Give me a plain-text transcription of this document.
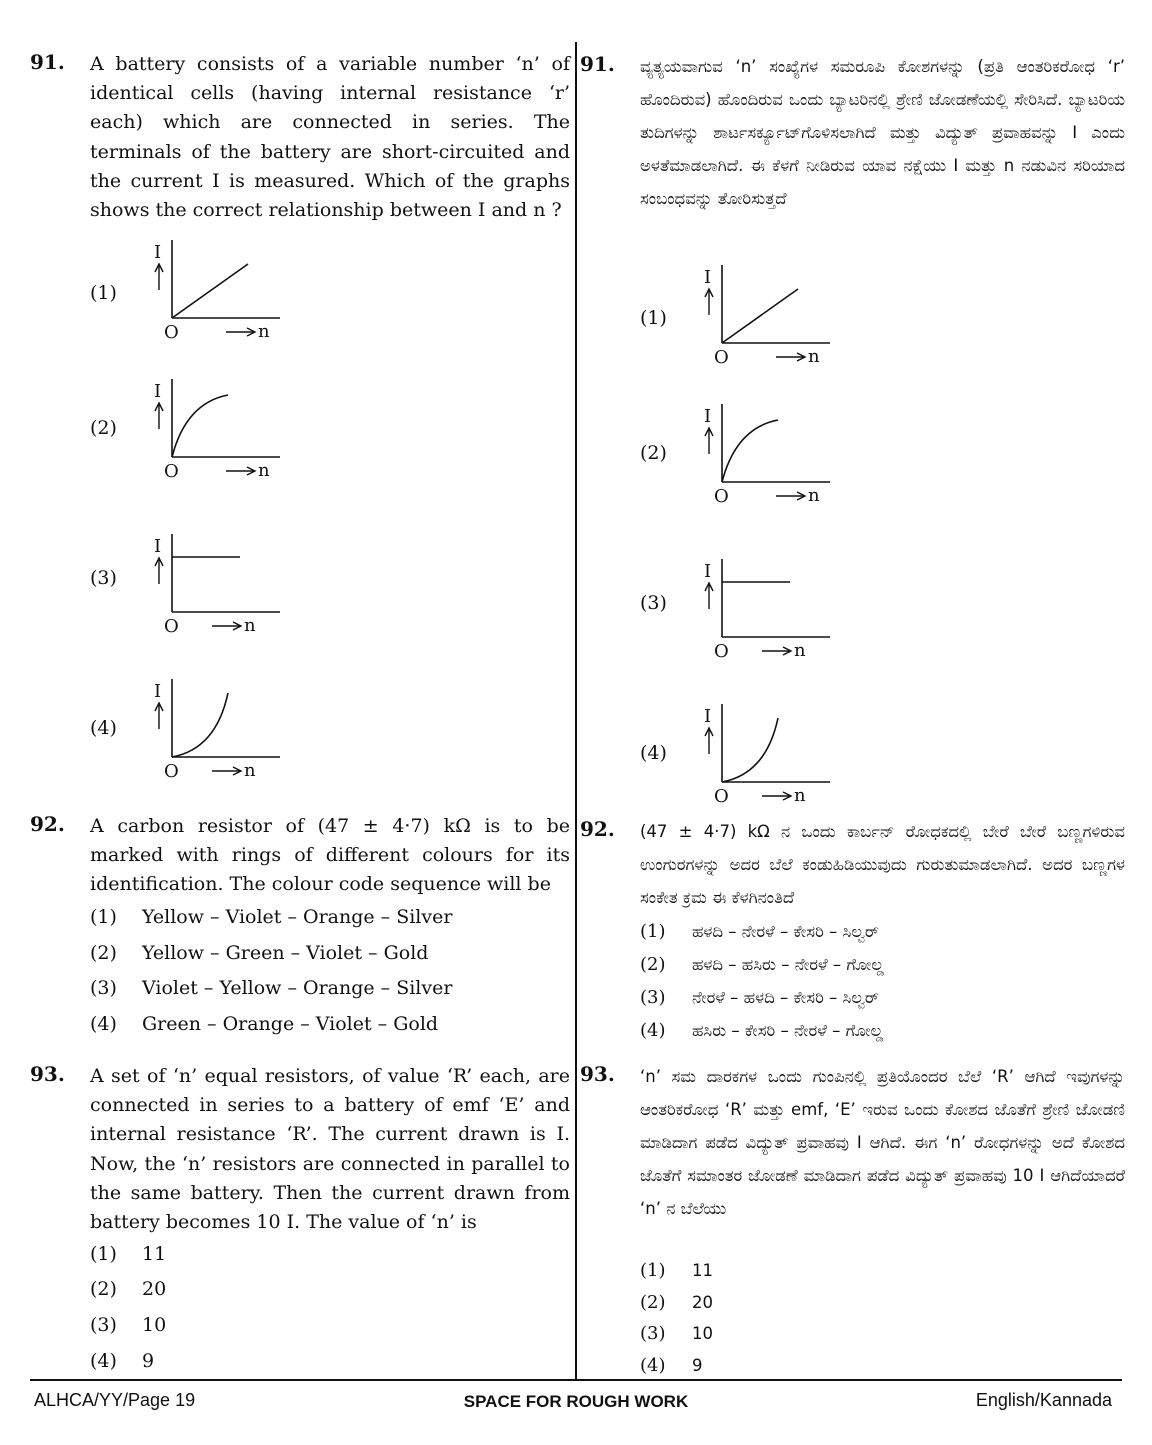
91. A battery consists of a variable number ‘n’ of identical cells (having internal resistance ‘r’ each) which are connected in series. The terminals of the battery are short-circuited and the current I is measured. Which of the graphs shows the correct relationship between I and n ?

(1)
(2)
(3)
(4)
92. A carbon resistor of (47 ± 4·7) kΩ is to be marked with rings of different colours for its identification. The colour code sequence will be

(1) Yellow – Violet – Orange – Silver
(2) Yellow – Green – Violet – Gold
(3) Violet – Yellow – Orange – Silver
(4) Green – Orange – Violet – Gold
93. A set of ‘n’ equal resistors, of value ‘R’ each, are connected in series to a battery of emf ‘E’ and internal resistance ‘R’. The current drawn is I. Now, the ‘n’ resistors are connected in parallel to the same battery. Then the current drawn from battery becomes 10 I. The value of ‘n’ is

(1) 11
(2) 20
(3) 10
(4) 9
I
O	n
I
O	n
I
O	n
I
O	n
91. ವ್ಯತ್ಯಯವಾಗುವ ‘n’ ಸಂಖ್ಯೆಗಳ ಸಮರೂಪಿ ಕೋಶಗಳನ್ನು (ಪ್ರತಿ ಆಂತರಿಕರೋಧ ‘r’ ಹೊಂದಿರುವ) ಹೊಂದಿರುವ ಒಂದು ಬ್ಯಾಟರಿನಲ್ಲಿ ಶ್ರೇಣಿ ಜೋಡಣೆಯಲ್ಲಿ ಸೇರಿಸಿದೆ. ಬ್ಯಾಟರಿಯ ತುದಿಗಳನ್ನು ಶಾರ್ಟಸರ್ಕ್ಯೂಟ್‌ಗೊಳಿಸಲಾಗಿದೆ ಮತ್ತು ವಿದ್ಯುತ್ ಪ್ರವಾಹವನ್ನು I ಎಂದು ಅಳತೆಮಾಡಲಾಗಿದೆ. ಈ ಕೆಳಗೆ ನೀಡಿರುವ ಯಾವ ನಕ್ಷೆಯು I ಮತ್ತು n ನಡುವಿನ ಸರಿಯಾದ ಸಂಬಂಧವನ್ನು ತೋರಿಸುತ್ತದೆ

(1)
(2)
(3)
(4)
92. (47 ± 4·7) kΩ ನ ಒಂದು ಕಾರ್ಬನ್ ರೋಧಕದಲ್ಲಿ ಬೇರೆ ಬೇರೆ ಬಣ್ಣಗಳಿರುವ ಉಂಗುರಗಳನ್ನು ಅದರ ಬೆಲೆ ಕಂಡುಹಿಡಿಯುವುದು ಗುರುತುಮಾಡಲಾಗಿದೆ. ಅದರ ಬಣ್ಣಗಳ ಸಂಕೇತ ಕ್ರಮ ಈ ಕೆಳಗಿನಂತಿದೆ

(1) ಹಳದಿ – ನೇರಳೆ – ಕೇಸರಿ – ಸಿಲ್ವರ್
(2) ಹಳದಿ – ಹಸಿರು – ನೇರಳೆ – ಗೋಲ್ಡ
(3) ನೇರಳೆ – ಹಳದಿ – ಕೇಸರಿ – ಸಿಲ್ವರ್
(4) ಹಸಿರು – ಕೇಸರಿ – ನೇರಳೆ – ಗೋಲ್ಡ
93. ‘n’ ಸಮ ದಾರಕಗಳ ಒಂದು ಗುಂಪಿನಲ್ಲಿ ಪ್ರತಿಯೊಂದರ ಬೆಲೆ ‘R’ ಆಗಿದೆ ಇವುಗಳನ್ನು ಆಂತರಿಕರೋಧ ‘R’ ಮತ್ತು emf, ‘E’ ಇರುವ ಒಂದು ಕೋಶದ ಜೊತೆಗೆ ಶ್ರೇಣಿ ಜೋಡಣಿ ಮಾಡಿದಾಗ ಪಡೆದ ವಿದ್ಯುತ್ ಪ್ರವಾಹವು I ಆಗಿದೆ. ಈಗ ‘n’ ರೋಧಗಳನ್ನು ಅದೆ ಕೋಶದ ಜೊತೆಗೆ ಸಮಾಂತರ ಜೋಡಣೆ ಮಾಡಿದಾಗ ಪಡೆದ ವಿದ್ಯುತ್ ಪ್ರವಾಹವು 10 I ಆಗಿದೆಯಾದರೆ ‘n’ ನ ಬೆಲೆಯು

(1) 11
(2) 20
(3) 10
(4) 9
I
O	n
I
O	n
I
O	n
I
O	n
ALHCA/YY/Page 19	SPACE FOR ROUGH WORK	English/Kannada
